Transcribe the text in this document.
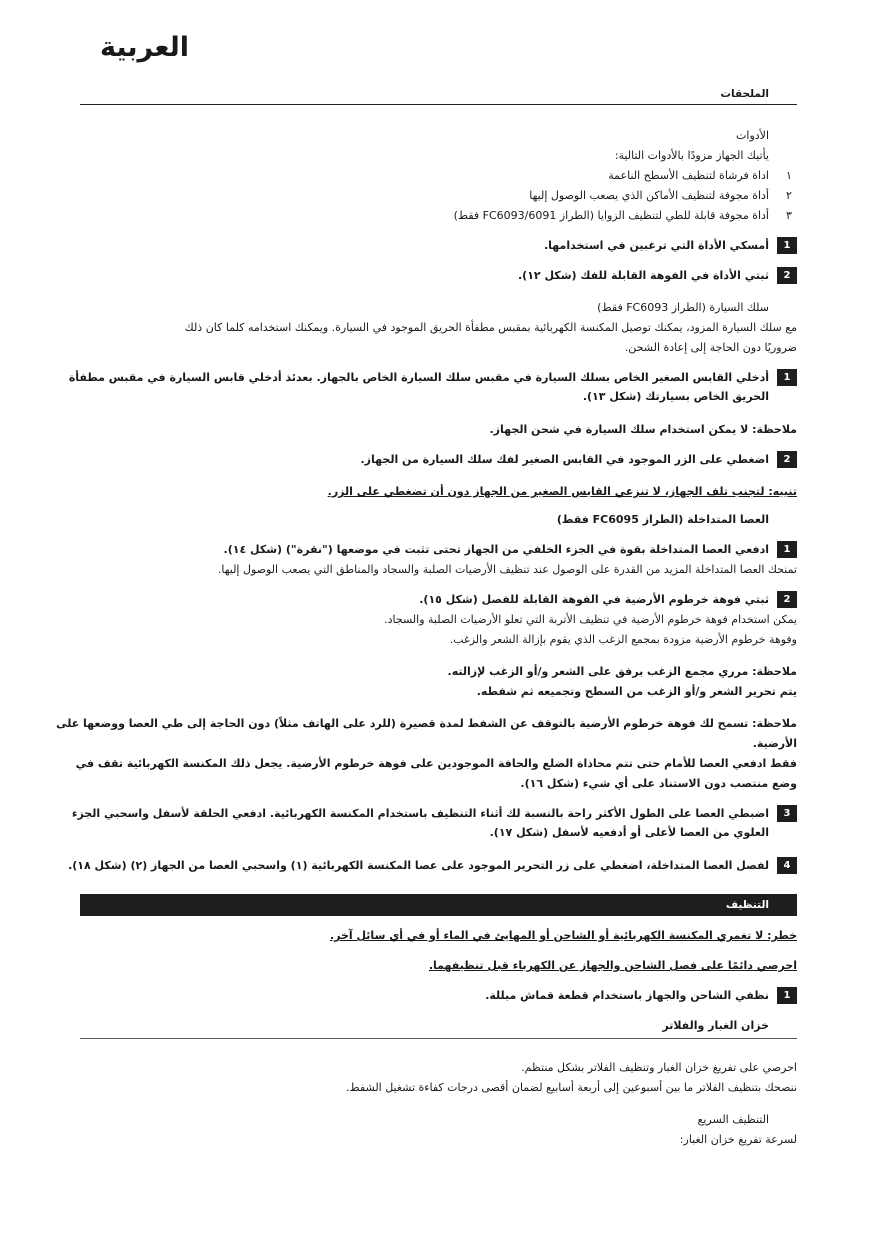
العربية
الملحقات
الأدوات
يأتيك الجهاز مزودًا بالأدوات التالية:
١
اداة فرشاة لتنظيف الأسطح الناعمة
٢
أداة مجوفة لتنظيف الأماكن الذي يصعب الوصول إليها
٣
أداة مجوفة قابلة للطي لتنظيف الزوايا (الطراز FC6093/6091 فقط)
1
أمسكي الأداة التي ترغبين في استخدامها.
2
ثبتي الأداة في الفوهة القابلة للفك (شكل ١٢).
سلك السيارة (الطراز FC6093 فقط)
مع سلك السيارة المزود، يمكنك توصيل المكنسة الكهربائية بمقبس مطفأة الحريق الموجود في السيارة. ويمكنك استخدامه كلما كان ذلك
ضروريًا دون الحاجة إلى إعادة الشحن.
1
أدخلي القابس الصغير الخاص بسلك السيارة في مقبس سلك السيارة الخاص بالجهاز. بعدئذ أدخلي قابس السيارة في مقبس مطفأة
الحريق الخاص بسيارتك (شكل ١٣).
ملاحظة: لا يمكن استخدام سلك السيارة في شحن الجهاز.
2
اضغطي على الزر الموجود في القابس الصغير لفك سلك السيارة من الجهاز.
تنبيه: لتجنب تلف الجهاز، لا تنزعي القابس الصغير من الجهاز دون أن تضغطي على الزر.
العصا المتداخلة (الطراز FC6095 فقط)
1
ادفعي العصا المتداخلة بقوة في الجزء الخلفي من الجهاز تحتى تثبت في موضعها ("نقرة") (شكل ١٤).
تمنحك العصا المتداخلة المزيد من القدرة على الوصول عند تنظيف الأرضيات الصلبة والسجاد والمناطق التي يصعب الوصول إليها.
2
ثبتي فوهة خرطوم الأرضية في الفوهة القابلة للفصل (شكل ١٥).
يمكن استخدام فوهة خرطوم الأرضية في تنظيف الأتربة التي تعلو الأرضيات الصلبة والسجاد.
وفوهة خرطوم الأرضية مزودة بمجمع الزغب الذي يقوم بإزالة الشعر والزغب.
ملاحظة: مرري مجمع الزغب برفق على الشعر و/أو الزغب لإزالته.
يتم تحرير الشعر و/أو الزغب من السطح وتجميعه ثم شفطه.
ملاحظة: تسمح لك فوهة خرطوم الأرضية بالتوقف عن الشفط لمدة قصيرة (للرد على الهاتف مثلاً) دون الحاجة إلى طي العصا ووضعها على
الأرضية.
فقط ادفعي العصا للأمام حتى تتم محاذاة الضلع والحافة الموجودين على فوهة خرطوم الأرضية. يجعل ذلك المكنسة الكهربائية تقف في
وضع منتصب دون الاستناد على أي شيء (شكل ١٦).
3
اضبطي العصا على الطول الأكثر راحة بالنسبة لك أثناء التنظيف باستخدام المكنسة الكهربائية. ادفعي الحلقة لأسفل واسحبي الجزء
العلوي من العصا لأعلى أو أدفعيه لأسفل (شكل ١٧).
4
لفصل العصا المتداخلة، اضغطي على زر التحرير الموجود على عصا المكنسة الكهربائية (١) واسحبي العصا من الجهاز (٢) (شكل ١٨).
التنظيف
خطر: لا تغمري المكنسة الكهربائية أو الشاحن أو المهايئ في الماء أو في أي سائل آخر.
احرصي دائمًا على فصل الشاحن والجهاز عن الكهرباء قبل تنظيفهما.
1
نظفي الشاحن والجهاز باستخدام قطعة قماش مبللة.
خزان الغبار والفلاتر
احرصي على تفريغ خزان الغبار وتنظيف الفلاتر بشكل منتظم.
ننصحك بتنظيف الفلاتر ما بين أسبوعين إلى أربعة أسابيع لضمان أقصى درجات كفاءة تشغيل الشفط.
التنظيف السريع
لسرعة تفريغ خزان الغبار:
